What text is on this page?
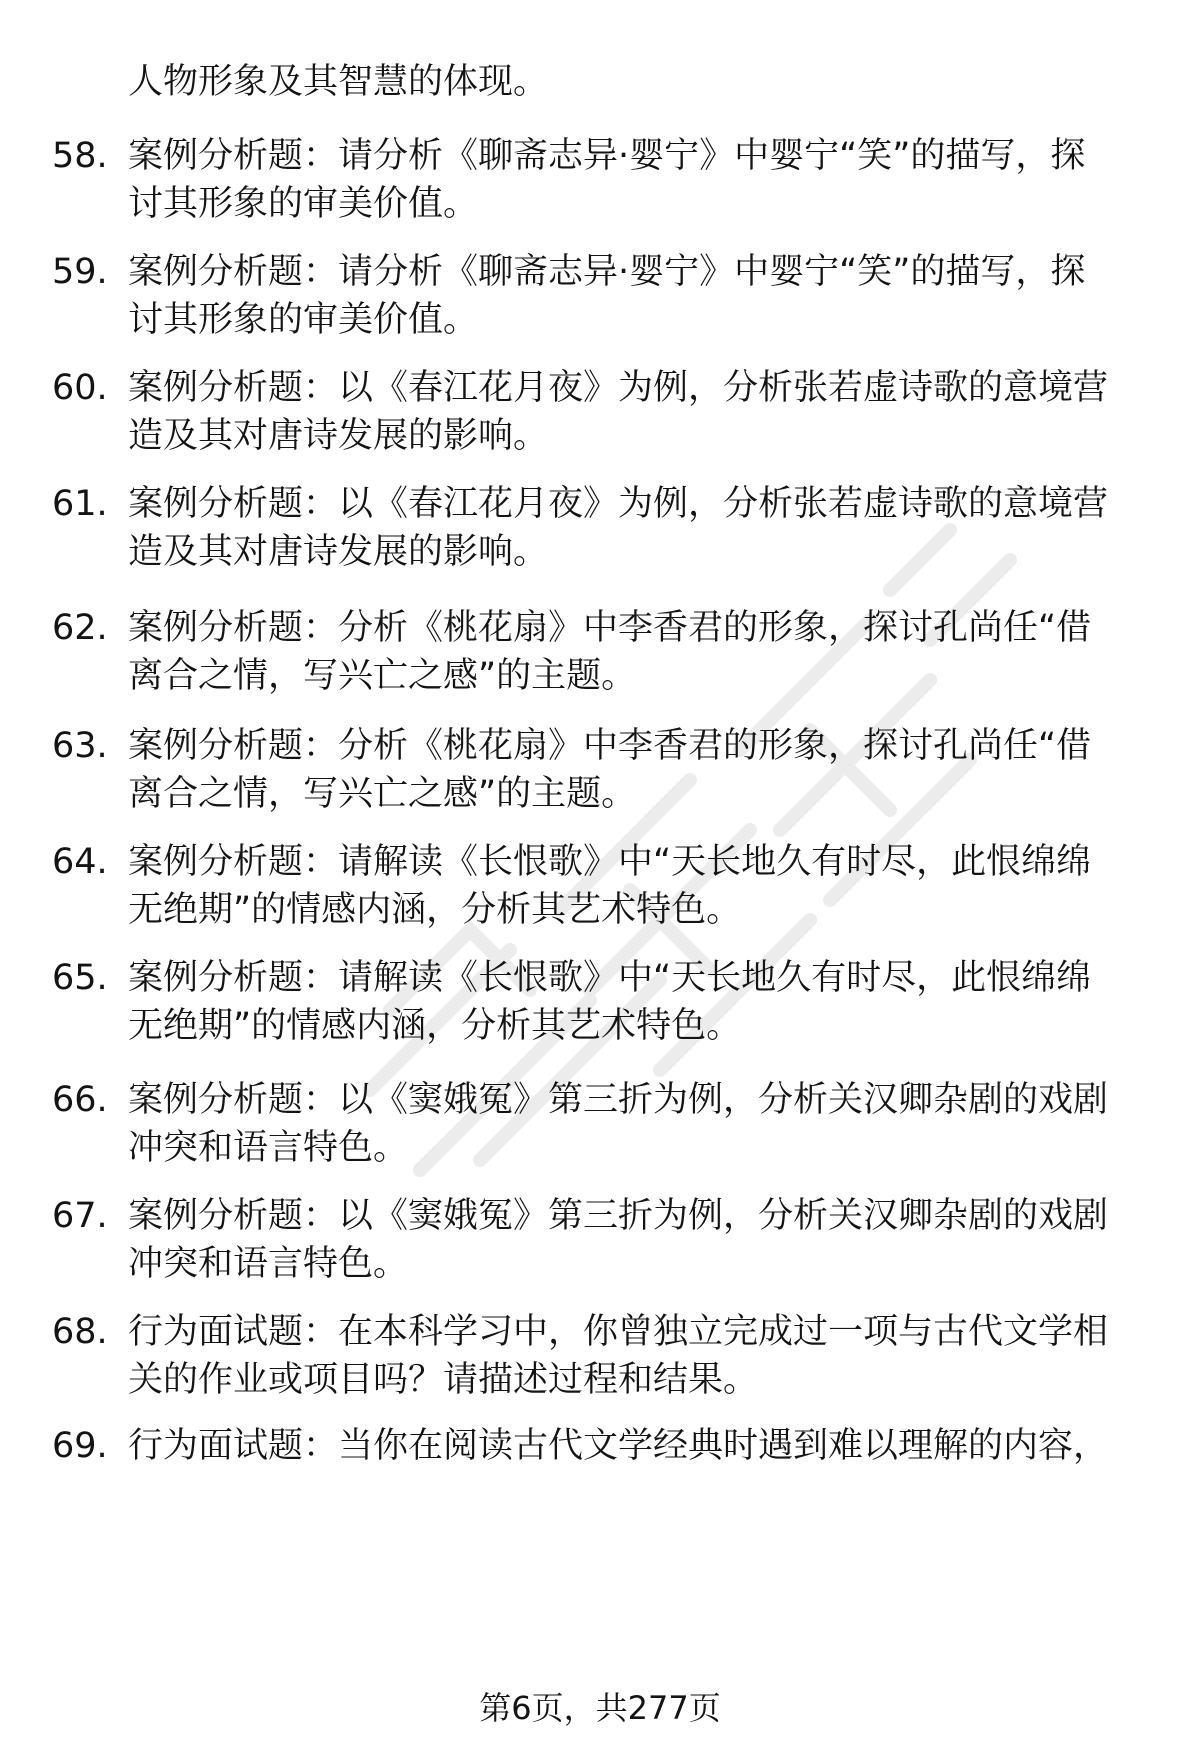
人物形象及其智慧的体现。
58. 案例分析题：请分析《聊斋志异·婴宁》中婴宁“笑”的描写，探
讨其形象的审美价值。
59. 案例分析题：请分析《聊斋志异·婴宁》中婴宁“笑”的描写，探
讨其形象的审美价值。
60. 案例分析题：以《春江花月夜》为例，分析张若虚诗歌的意境营
造及其对唐诗发展的影响。
61. 案例分析题：以《春江花月夜》为例，分析张若虚诗歌的意境营
造及其对唐诗发展的影响。
62. 案例分析题：分析《桃花扇》中李香君的形象，探讨孔尚任“借
离合之情，写兴亡之感”的主题。
63. 案例分析题：分析《桃花扇》中李香君的形象，探讨孔尚任“借
离合之情，写兴亡之感”的主题。
64. 案例分析题：请解读《长恨歌》中“天长地久有时尽，此恨绵绵
无绝期”的情感内涵，分析其艺术特色。
65. 案例分析题：请解读《长恨歌》中“天长地久有时尽，此恨绵绵
无绝期”的情感内涵，分析其艺术特色。
66. 案例分析题：以《窦娥冤》第三折为例，分析关汉卿杂剧的戏剧
冲突和语言特色。
67. 案例分析题：以《窦娥冤》第三折为例，分析关汉卿杂剧的戏剧
冲突和语言特色。
68. 行为面试题：在本科学习中，你曾独立完成过一项与古代文学相
关的作业或项目吗？请描述过程和结果。
69. 行为面试题：当你在阅读古代文学经典时遇到难以理解的内容，
第6页，共277页
